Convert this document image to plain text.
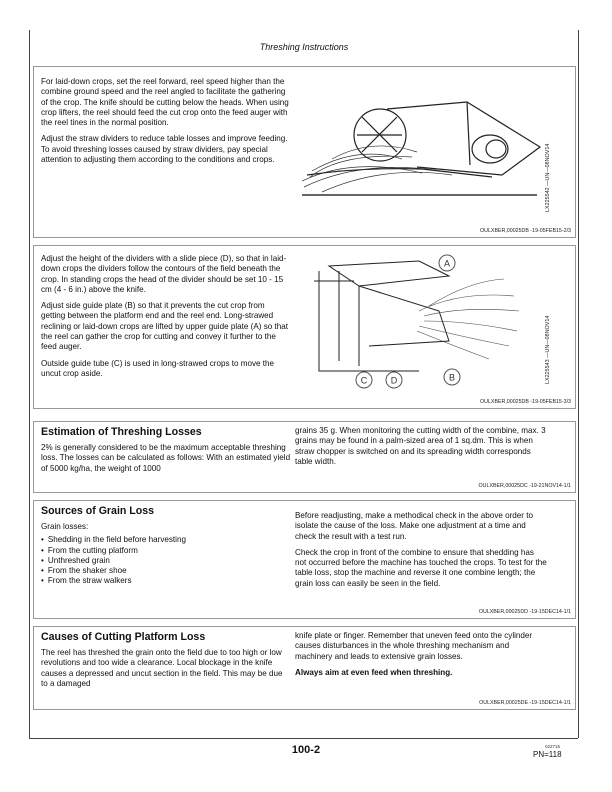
Threshing Instructions

For laid-down crops, set the reel forward, reel speed higher than the combine ground speed and the reel angled to facilitate the gathering of the crop. The knife should be cutting below the heads. When using crop lifters, the reel should feed the cut crop onto the feed auger with the reel tines in the normal position.

Adjust the straw dividers to reduce table losses and improve feeding. To avoid threshing losses caused by straw dividers, pay special attention to adjusting them according to the conditions and crops.	LX225542 —UN—08NOV14
OULXBER,00025DB -19-05FEB15-2/3

Adjust the height of the dividers with a slide piece (D), so that in laid-down crops the dividers follow the contours of the field beneath the crop. In standing crops the head of the divider should be set 10 - 15 cm (4 - 6 in.) above the knife.

Adjust side guide plate (B) so that it prevents the cut crop from getting between the platform end and the reel end. Long-strawed reclining or laid-down crops are lifted by upper guide plate (A) so that the reel can gather the crop for cutting and convey it further to the feed auger.

Outside guide tube (C) is used in long-strawed crops to move the uncut crop aside.

A
C	D	B	LX225543 —UN—08NOV14
OULXBER,00025DB -19-05FEB15-3/3

Estimation of Threshing Losses

2% is generally considered to be the maximum acceptable threshing loss. The losses can be calculated as follows: With an estimated yield of 5000 kg/ha, the weight of 1000

grains 35 g. When monitoring the cutting width of the combine, max. 3 grains may be found in a palm-sized area of 1 sq.dm. This is when straw chopper is switched on and its spreading width corresponds table width.

OULXBER,00025DC -19-21NOV14-1/1

Sources of Grain Loss

Grain losses:

• Shedding in the field before harvesting
• From the cutting platform
• Unthreshed grain
• From the shaker shoe
• From the straw walkers

Before readjusting, make a methodical check in the above order to isolate the cause of the loss. Make one adjustment at a time and check the result with a test run.

Check the crop in front of the combine to ensure that shedding has not occurred before the machine has touched the crops. To test for the table loss, stop the machine and reverse it one combine length; the grain loss can easily be seen in the field.

OULXBER,00025DD -19-15DEC14-1/1

Causes of Cutting Platform Loss

The reel has threshed the grain onto the field due to too high or low revolutions and too wide a clearance. Local blockage in the knife causes a depressed and uncut section in the field. This may be due to a damaged

knife plate or finger. Remember that uneven feed onto the cylinder causes disturbances in the whole threshing mechanism and machinery and leads to extensive grain losses.

Always aim at even feed when threshing.

OULXBER,00025DE -19-15DEC14-1/1
100-2	022715
PN=118
